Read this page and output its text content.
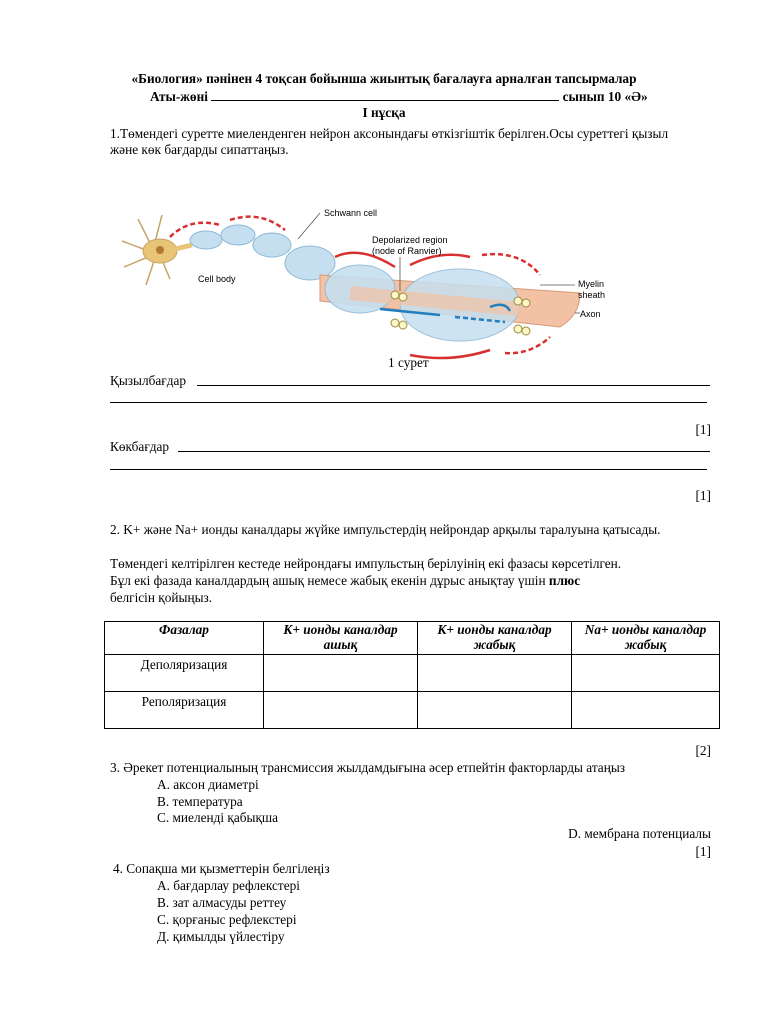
«Биология» пәнінен 4 тоқсан бойынша жиынтық бағалауға арналған тапсырмалар
Аты-жөні	сынып 10 «Ә»
І нұсқа
1.Төмендегі суретте миеленденген нейрон аксонындағы өткізгіштік берілген.Осы суреттегі қызыл және көк бағдарды сипаттаңыз.
Schwann cell
Depolarized region
(node of Ranvier)
Cell body	Myelin
sheath
Axon
1 сурет
Қызылбағдар
[1]
Көкбағдар
[1]
2. K+ және Na+ ионды каналдары жүйке импульстердің нейрондар арқылы таралуына қатысады.
Төмендегі келтірілген кестеде нейрондағы импульстың берілуінің екі фазасы көрсетілген.
Бұл екі фазада каналдардың ашық немесе жабық екенін дұрыс анықтау үшін плюс
белгісін қойыңыз.
Фазалар	К+ ионды каналдар ашық	К+ ионды каналдар жабық	Na+ ионды каналдар жабық
Деполяризация			
Реполяризация			
[2]
3. Әрекет потенциалының трансмиссия жылдамдығына әсер етпейтін факторларды атаңыз
А. аксон диаметрі
В. температура
С. миеленді қабықша
D. мембрана потенциалы
[1]
4. Сопақша ми қызметтерін белгілеңіз
А. бағдарлау рефлекстері
В. зат алмасуды реттеу
С. қорғаныс рефлекстері
Д. қимылды үйлестіру
